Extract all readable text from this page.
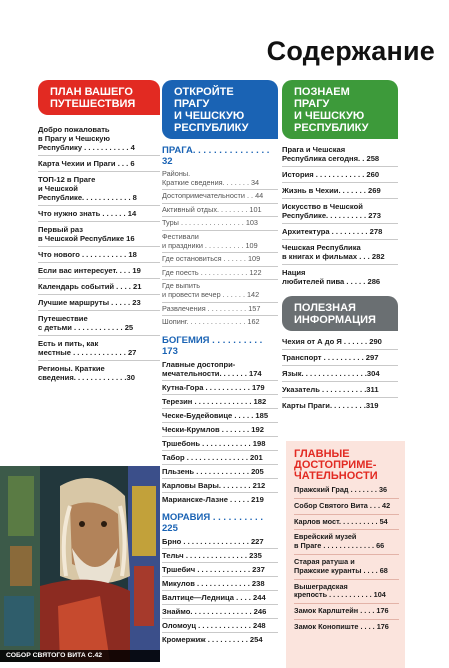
Содержание
ПЛАН ВАШЕГО
ПУТЕШЕСТВИЯ
Добро пожаловать
в Прагу и Чешскую
Республику . . . . . . . . . . . 4
Карта Чехии и Праги . . . 6
ТОП-12 в Праге
и Чешской
Республике. . . . . . . . . . . . 8
Что нужно знать . . . . . . 14
Первый раз
в Чешской Республике 16
Что нового . . . . . . . . . . . 18
Если вас интересует. . . . 19
Календарь событий . . . . 21
Лучшие маршруты . . . . . 23
Путешествие
с детьми . . . . . . . . . . . . 25
Есть и пить, как
местные . . . . . . . . . . . . . 27
Регионы. Краткие
сведения. . . . . . . . . . . . .30
ОТКРОЙТЕ
ПРАГУ
И ЧЕШСКУЮ
РЕСПУБЛИКУ
ПРАГА. . . . . . . . . . . . . . . 32
Районы.
Краткие сведения. . . . . . . 34
Достопримечательности . . 44
Активный отдых. . . . . . . . 101
Туры . . . . . . . . . . . . . . . . 103
Фестивали
и праздники . . . . . . . . . . 109
Где остановиться . . . . . . 109
Где поесть . . . . . . . . . . . . 122
Где выпить
и провести вечер . . . . . . 142
Развлечения . . . . . . . . . . 157
Шопинг. . . . . . . . . . . . . . . 162
БОГЕМИЯ . . . . . . . . . . 173
Главные достопри-
мечательности. . . . . . . 174
Кутна-Гора . . . . . . . . . . . 179
Терезин . . . . . . . . . . . . . . 182
Ческе-Будейовице . . . . . 185
Чески-Крумлов . . . . . . . 192
Тршебонь . . . . . . . . . . . . 198
Табор . . . . . . . . . . . . . . . 201
Пльзень . . . . . . . . . . . . . 205
Карловы Вары. . . . . . . . 212
Марианске-Лазне . . . . . 219
МОРАВИЯ . . . . . . . . . . 225
Брно . . . . . . . . . . . . . . . . 227
Тельч . . . . . . . . . . . . . . . 235
Тршебич . . . . . . . . . . . . . 237
Микулов . . . . . . . . . . . . . 238
Валтице—Ледница . . . . 244
Знаймо. . . . . . . . . . . . . . . 246
Оломоуц . . . . . . . . . . . . . 248
Кромержиж . . . . . . . . . . 254
ПОЗНАЕМ
ПРАГУ
И ЧЕШСКУЮ
РЕСПУБЛИКУ
Прага и Чешская
Республика сегодня. . 258
История . . . . . . . . . . . . 260
Жизнь в Чехии. . . . . . . 269
Искусство в Чешской
Республике. . . . . . . . . . 273
Архитектура . . . . . . . . . 278
Чешская Республика
в книгах и фильмах . . . 282
Нация
любителей пива . . . . . 286
ПОЛЕЗНАЯ
ИНФОРМАЦИЯ
Чехия от А до Я . . . . . . 290
Транспорт . . . . . . . . . . 297
Язык. . . . . . . . . . . . . . . .304
Указатель . . . . . . . . . . .311
Карты Праги. . . . . . . . .319
СОБОР СВЯТОГО ВИТА С.42
ГЛАВНЫЕ
ДОСТОПРИМЕ-
ЧАТЕЛЬНОСТИ
Пражский Град . . . . . . . 36
Собор Святого Вита . . . 42
Карлов мост. . . . . . . . . . 54
Еврейский музей
в Праге . . . . . . . . . . . . . 66
Старая ратуша и
Пражские куранты . . . . 68
Вышеградская
крепость . . . . . . . . . . . 104
Замок Карлштейн . . . . 176
Замок Конопиште . . . . 176
